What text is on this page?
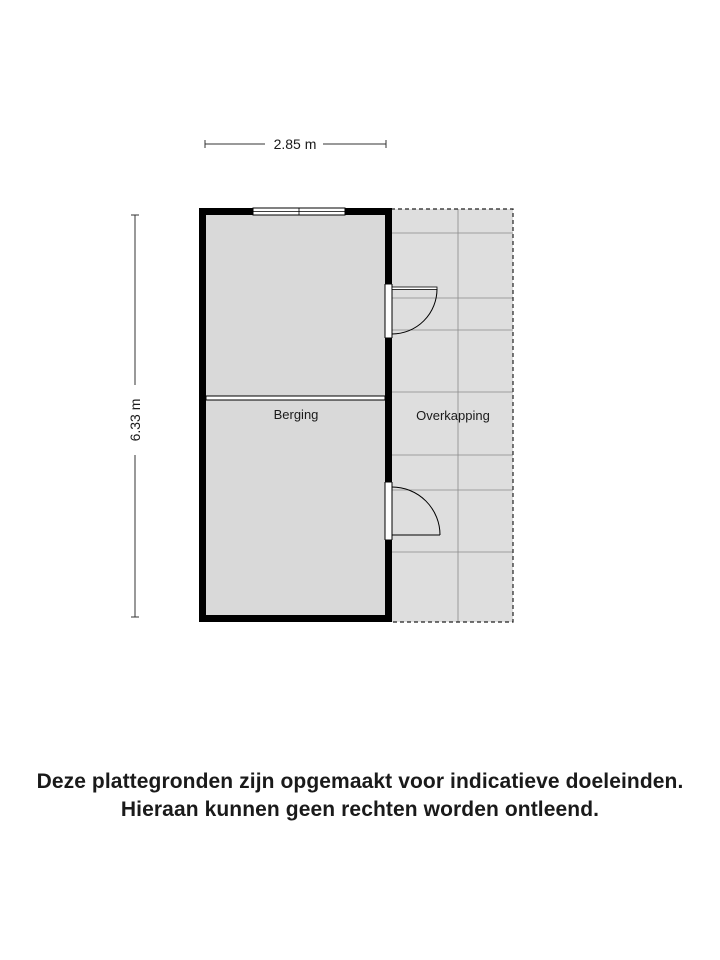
2.85 m
6.33 m	Berging	Overkapping
Deze plattegronden zijn opgemaakt voor indicatieve doeleinden.
Hieraan kunnen geen rechten worden ontleend.
